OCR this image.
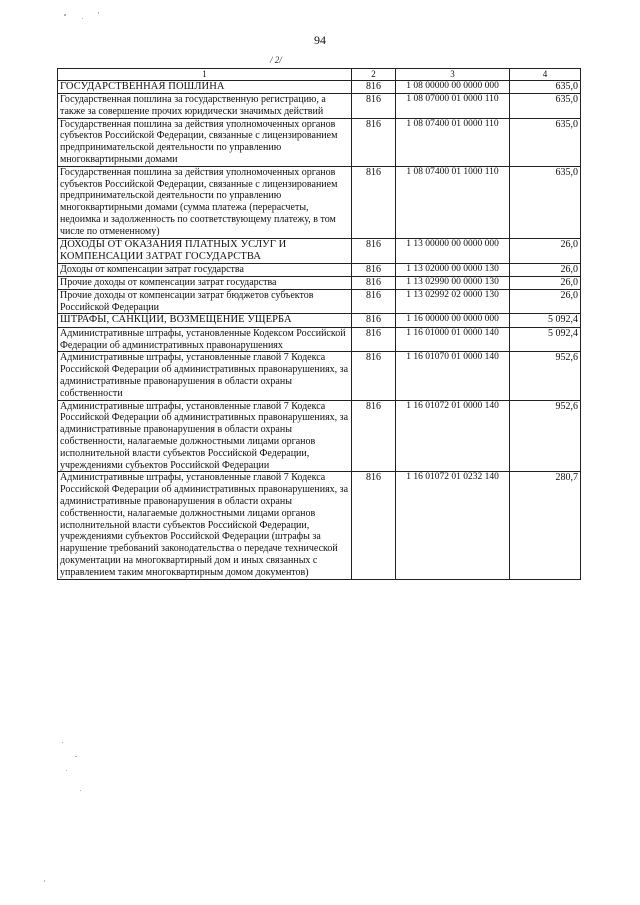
94
/ 2/
1	2	3	4
ГОСУДАРСТВЕННАЯ ПОШЛИНА	816	1 08 00000 00 0000 000	635,0
Государственная пошлина за государственную регистрацию, а также за совершение прочих юридически значимых действий	816	1 08 07000 01 0000 110	635,0
Государственная пошлина за действия уполномоченных органов субъектов Российской Федерации, связанные с лицензированием предпринимательской деятельности по управлению многоквартирными домами	816	1 08 07400 01 0000 110	635,0
Государственная пошлина за действия уполномоченных органов субъектов Российской Федерации, связанные с лицензированием предпринимательской деятельности по управлению многоквартирными домами (сумма платежа (перерасчеты, недоимка и задолженность по соответствующему платежу, в том числе по отмененному)	816	1 08 07400 01 1000 110	635,0
ДОХОДЫ ОТ ОКАЗАНИЯ ПЛАТНЫХ УСЛУГ И КОМПЕНСАЦИИ ЗАТРАТ ГОСУДАРСТВА	816	1 13 00000 00 0000 000	26,0
Доходы от компенсации затрат государства	816	1 13 02000 00 0000 130	26,0
Прочие доходы от компенсации затрат государства	816	1 13 02990 00 0000 130	26,0
Прочие доходы от компенсации затрат бюджетов субъектов Российской Федерации	816	1 13 02992 02 0000 130	26,0
ШТРАФЫ, САНКЦИИ, ВОЗМЕЩЕНИЕ УЩЕРБА	816	1 16 00000 00 0000 000	5 092,4
Административные штрафы, установленные Кодексом Российской Федерации об административных правонарушениях	816	1 16 01000 01 0000 140	5 092,4
Административные штрафы, установленные главой 7 Кодекса Российской Федерации об административных правонарушениях, за административные правонарушения в области охраны собственности	816	1 16 01070 01 0000 140	952,6
Административные штрафы, установленные главой 7 Кодекса Российской Федерации об административных правонарушениях, за административные правонарушения в области охраны собственности, налагаемые должностными лицами органов исполнительной власти субъектов Российской Федерации, учреждениями субъектов Российской Федерации	816	1 16 01072 01 0000 140	952,6
Административные штрафы, установленные главой 7 Кодекса Российской Федерации об административных правонарушениях, за административные правонарушения в области охраны собственности, налагаемые должностными лицами органов исполнительной власти субъектов Российской Федерации, учреждениями субъектов Российской Федерации (штрафы за нарушение требований законодательства о передаче технической документации на многоквартирный дом и иных связанных с управлением таким многоквартирным домом документов)	816	1 16 01072 01 0232 140	280,7
